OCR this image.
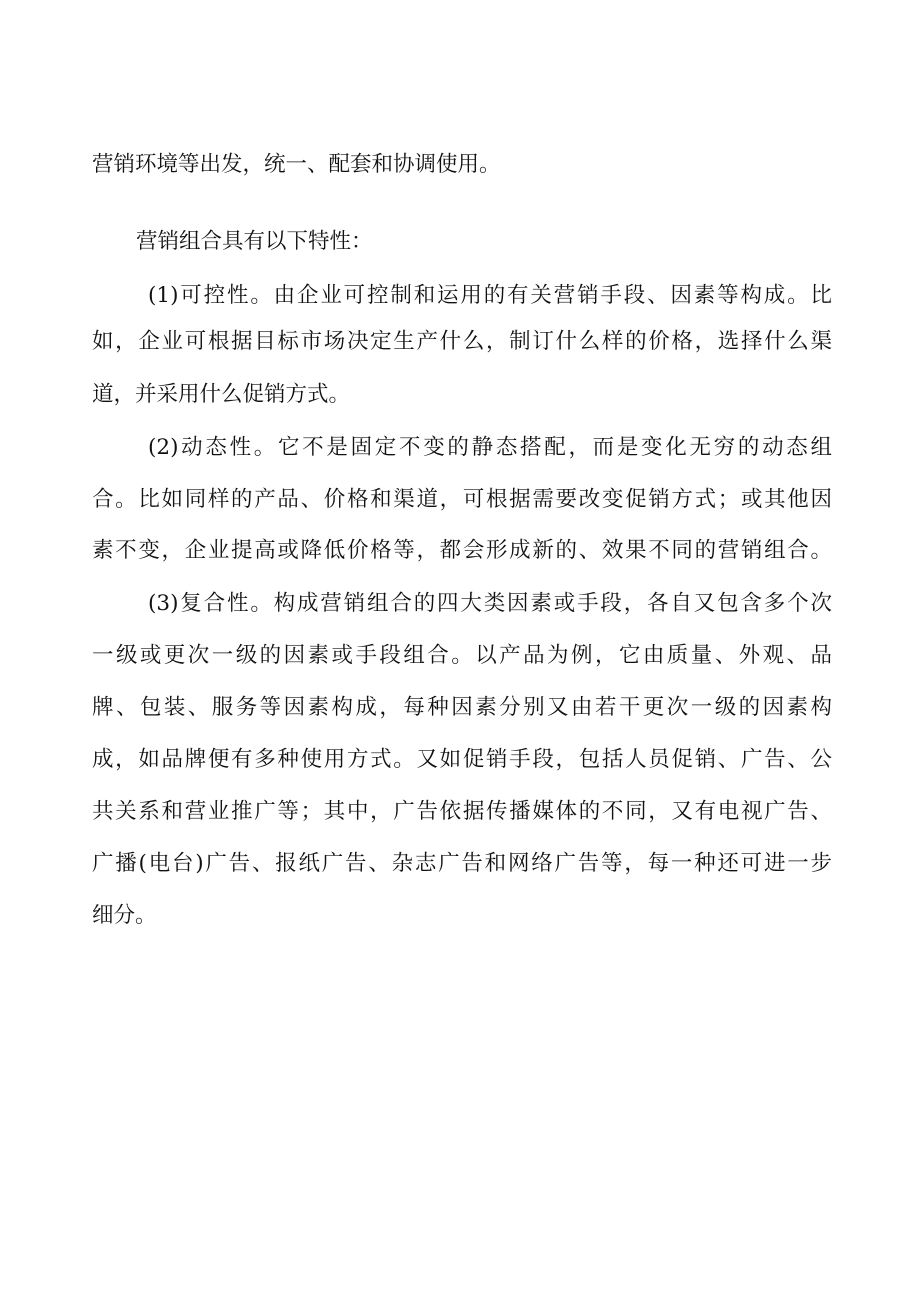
营销环境等出发，统一、配套和协调使用。
营销组合具有以下特性：
(1)可控性。由企业可控制和运用的有关营销手段、因素等构成。比
如，企业可根据目标市场决定生产什么，制订什么样的价格，选择什么渠
道，并采用什么促销方式。
(2)动态性。它不是固定不变的静态搭配，而是变化无穷的动态组
合。比如同样的产品、价格和渠道，可根据需要改变促销方式；或其他因
素不变，企业提高或降低价格等，都会形成新的、效果不同的营销组合。
(3)复合性。构成营销组合的四大类因素或手段，各自又包含多个次
一级或更次一级的因素或手段组合。以产品为例，它由质量、外观、品
牌、包装、服务等因素构成，每种因素分别又由若干更次一级的因素构
成，如品牌便有多种使用方式。又如促销手段，包括人员促销、广告、公
共关系和营业推广等；其中，广告依据传播媒体的不同，又有电视广告、
广播(电台)广告、报纸广告、杂志广告和网络广告等，每一种还可进一步
细分。
